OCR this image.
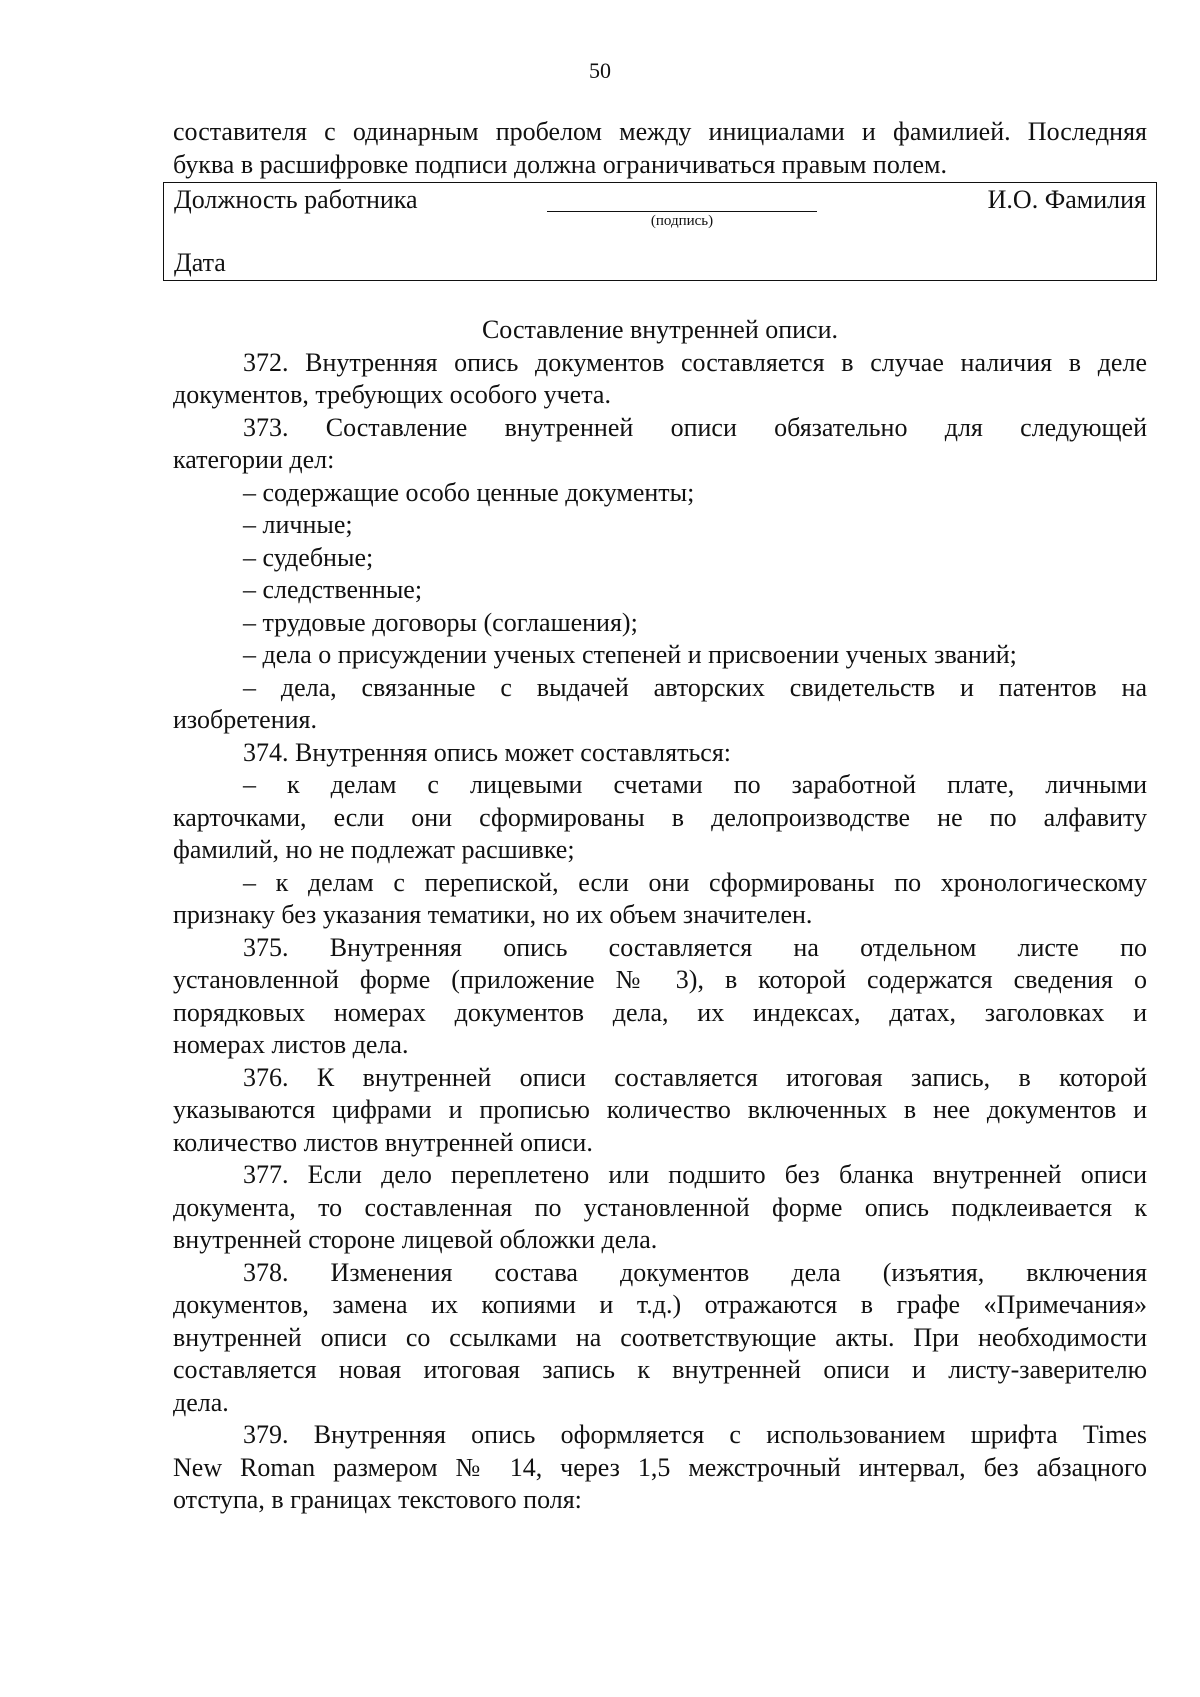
50
составителя с одинарным пробелом между инициалами и фамилией. Последняя
буква в расшифровке подписи должна ограничиваться правым полем.
Должность работника
(подпись)
И.О. Фамилия
Дата
Составление внутренней описи.
372. Внутренняя опись документов составляется в случае наличия в деле
документов, требующих особого учета.
373. Составление внутренней описи обязательно для следующей
категории дел:
– содержащие особо ценные документы;
– личные;
– судебные;
– следственные;
– трудовые договоры (соглашения);
– дела о присуждении ученых степеней и присвоении ученых званий;
– дела, связанные с выдачей авторских свидетельств и патентов на
изобретения.
374. Внутренняя опись может составляться:
– к делам с лицевыми счетами по заработной плате, личными
карточками, если они сформированы в делопроизводстве не по алфавиту
фамилий, но не подлежат расшивке;
– к делам с перепиской, если они сформированы по хронологическому
признаку без указания тематики, но их объем значителен.
375. Внутренняя опись составляется на отдельном листе по
установленной форме (приложение № 3), в которой содержатся сведения о
порядковых номерах документов дела, их индексах, датах, заголовках и
номерах листов дела.
376. К внутренней описи составляется итоговая запись, в которой
указываются цифрами и прописью количество включенных в нее документов и
количество листов внутренней описи.
377. Если дело переплетено или подшито без бланка внутренней описи
документа, то составленная по установленной форме опись подклеивается к
внутренней стороне лицевой обложки дела.
378. Изменения состава документов дела (изъятия, включения
документов, замена их копиями и т.д.) отражаются в графе «Примечания»
внутренней описи со ссылками на соответствующие акты. При необходимости
составляется новая итоговая запись к внутренней описи и листу-заверителю
дела.
379. Внутренняя опись оформляется с использованием шрифта Times
New Roman размером № 14, через 1,5 межстрочный интервал, без абзацного
отступа, в границах текстового поля:
